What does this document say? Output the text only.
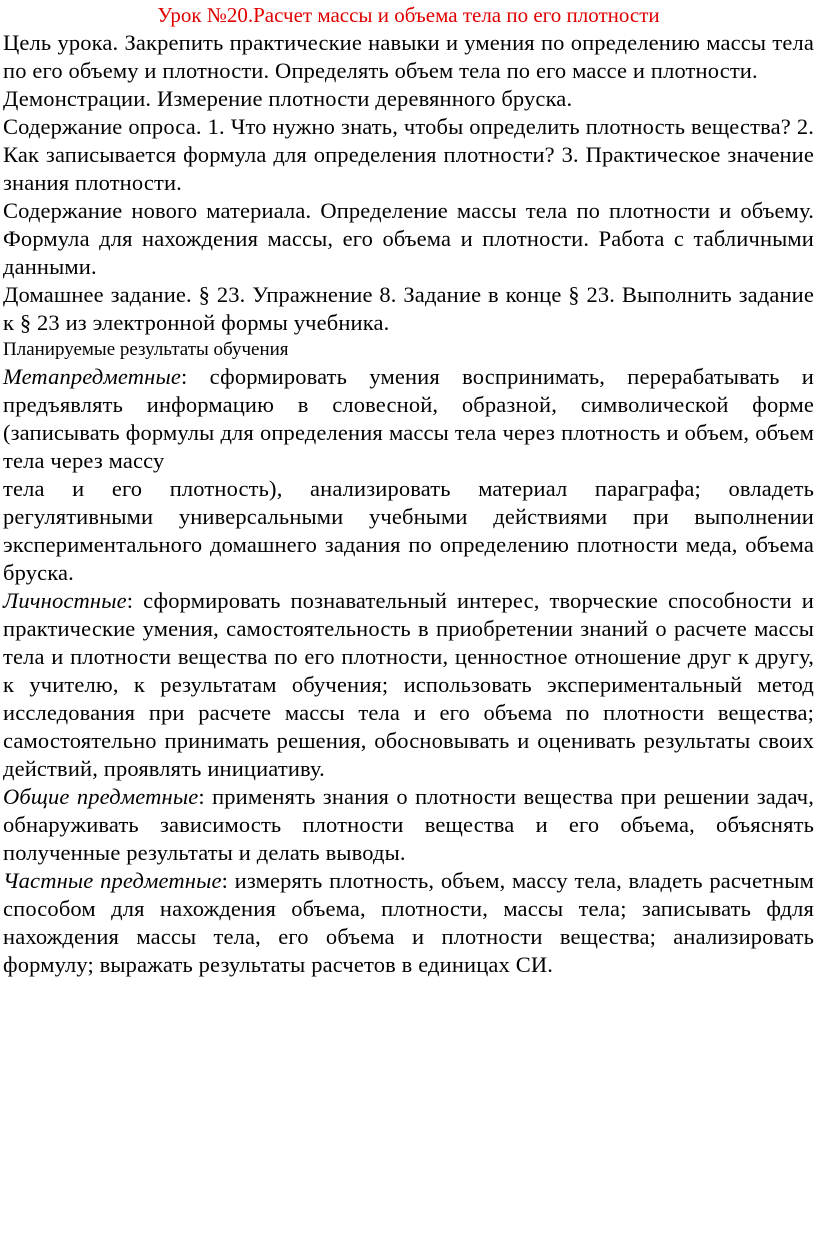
Урок №20.Расчет массы и объема тела по его плотности

Цель урока. Закрепить практические навыки и умения по определению массы тела по его объему и плотности. Определять объем тела по его массе и плотности.

Демонстрации. Измерение плотности деревянного бруска.

Содержание опроса. 1. Что нужно знать, чтобы определить плотность вещества? 2. Как записывается формула для определения плотности? 3. Практическое значение знания плотности.

Содержание нового материала. Определение массы тела по плотности и объему. Формула для нахождения массы, его объема и плотности. Работа с табличными данными.

Домашнее задание. § 23. Упражнение 8. Задание в конце § 23. Выполнить задание к § 23 из электронной формы учебника.

Планируемые результаты обучения

Метапредметные: сформировать умения воспринимать, перерабатывать и предъявлять информацию в словесной, образной, символической форме (записывать формулы для определения массы тела через плотность и объем, объем тела через массу

тела и его плотность), анализировать материал параграфа; овладеть регулятивными универсальными учебными действиями при выполнении экспериментального домашнего задания по определению плотности меда, объема бруска.

Личностные: сформировать познавательный интерес, творческие способности и практические умения, самостоятельность в приобретении знаний о расчете массы тела и плотности вещества по его плотности, ценностное отношение друг к другу, к учителю, к результатам обучения; использовать экспериментальный метод исследования при расчете массы тела и его объема по плотности вещества; самостоятельно принимать решения, обосновывать и оценивать результаты своих действий, проявлять инициативу.

Общие предметные: применять знания о плотности вещества при решении задач, обнаруживать зависимость плотности вещества и его объема, объяснять полученные результаты и делать выводы.

Частные предметные: измерять плотность, объем, массу тела, владеть расчетным способом для нахождения объема, плотности, массы тела; записывать фдля нахождения массы тела, его объема и плотности вещества; анализировать формулу; выражать результаты расчетов в единицах СИ.
